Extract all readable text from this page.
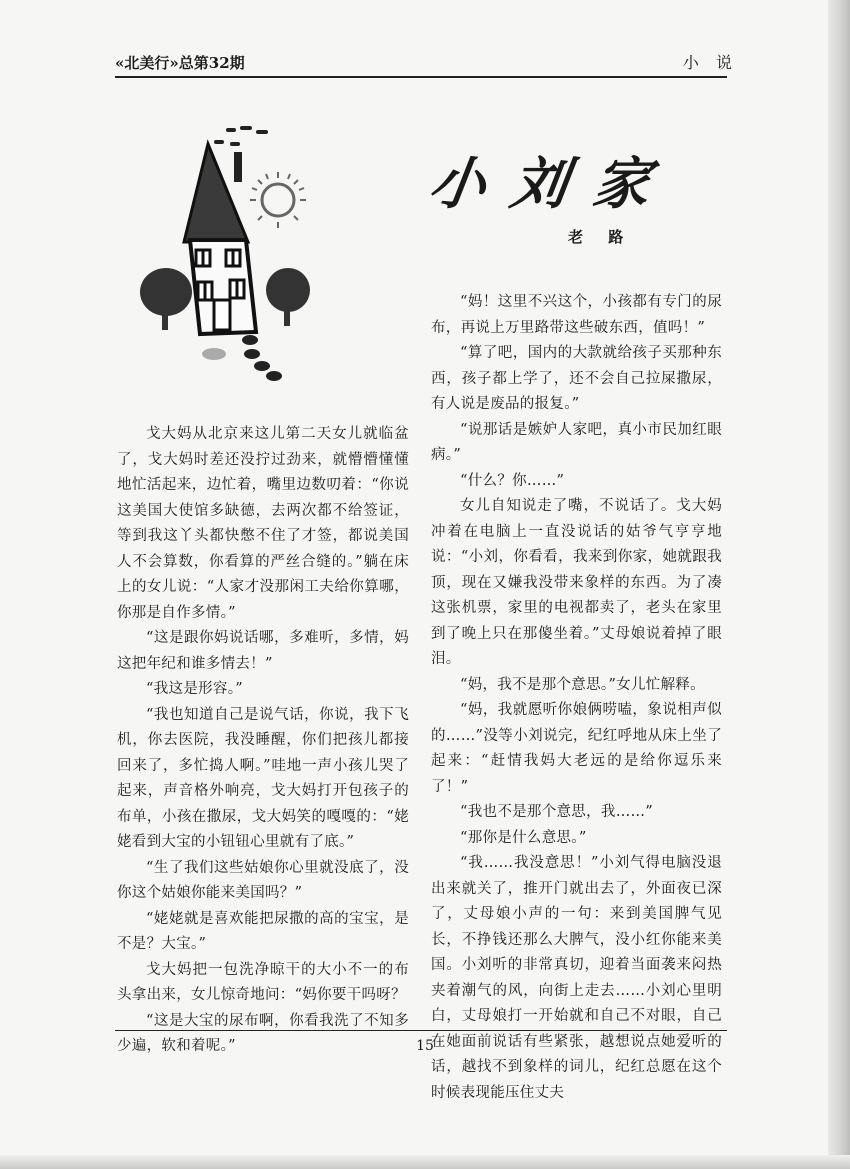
«北美行»总第32期	小 说
小刘家
老 路

戈大妈从北京来这儿第二天女儿就临盆了，戈大妈时差还没拧过劲来，就懵懵懂懂地忙活起来，边忙着，嘴里边数叨着：“你说这美国大使馆多缺德，去两次都不给签证，等到我这丫头都快憋不住了才签，都说美国人不会算数，你看算的严丝合缝的。”躺在床上的女儿说：“人家才没那闲工夫给你算哪，你那是自作多情。”

“这是跟你妈说话哪，多难听，多情，妈这把年纪和谁多情去！”

“我这是形容。”

“我也知道自己是说气话，你说，我下飞机，你去医院，我没睡醒，你们把孩儿都接回来了，多忙捣人啊。”哇地一声小孩儿哭了起来，声音格外响亮，戈大妈打开包孩子的布单，小孩在撒尿，戈大妈笑的嘎嘎的：“姥姥看到大宝的小钮钮心里就有了底。”

“生了我们这些姑娘你心里就没底了，没你这个姑娘你能来美国吗？”

“姥姥就是喜欢能把尿撒的高的宝宝，是不是？大宝。”

戈大妈把一包洗净晾干的大小不一的布头拿出来，女儿惊奇地问：“妈你要干吗呀？

“这是大宝的尿布啊，你看我洗了不知多少遍，软和着呢。”

“妈！这里不兴这个，小孩都有专门的尿布，再说上万里路带这些破东西，值吗！”

“算了吧，国内的大款就给孩子买那种东西，孩子都上学了，还不会自己拉屎撒尿，有人说是废品的报复。”

“说那话是嫉妒人家吧，真小市民加红眼病。”

“什么？你……”

女儿自知说走了嘴，不说话了。戈大妈冲着在电脑上一直没说话的姑爷气亨亨地说：“小刘，你看看，我来到你家，她就跟我顶，现在又嫌我没带来象样的东西。为了凑这张机票，家里的电视都卖了，老头在家里到了晚上只在那傻坐着。”丈母娘说着掉了眼泪。

“妈，我不是那个意思。”女儿忙解释。

“妈，我就愿听你娘俩唠嗑，象说相声似的……”没等小刘说完，纪红呼地从床上坐了起来：“赶情我妈大老远的是给你逗乐来了！”

“我也不是那个意思，我……”

“那你是什么意思。”

“我……我没意思！”小刘气得电脑没退出来就关了，推开门就出去了，外面夜已深了，丈母娘小声的一句：来到美国脾气见长，不挣钱还那么大脾气，没小红你能来美国。小刘听的非常真切，迎着当面袭来闷热夹着潮气的风，向街上走去……小刘心里明白，丈母娘打一开始就和自己不对眼，自己在她面前说话有些紧张，越想说点她爱听的话，越找不到象样的词儿，纪红总愿在这个时候表现能压住丈夫

15
